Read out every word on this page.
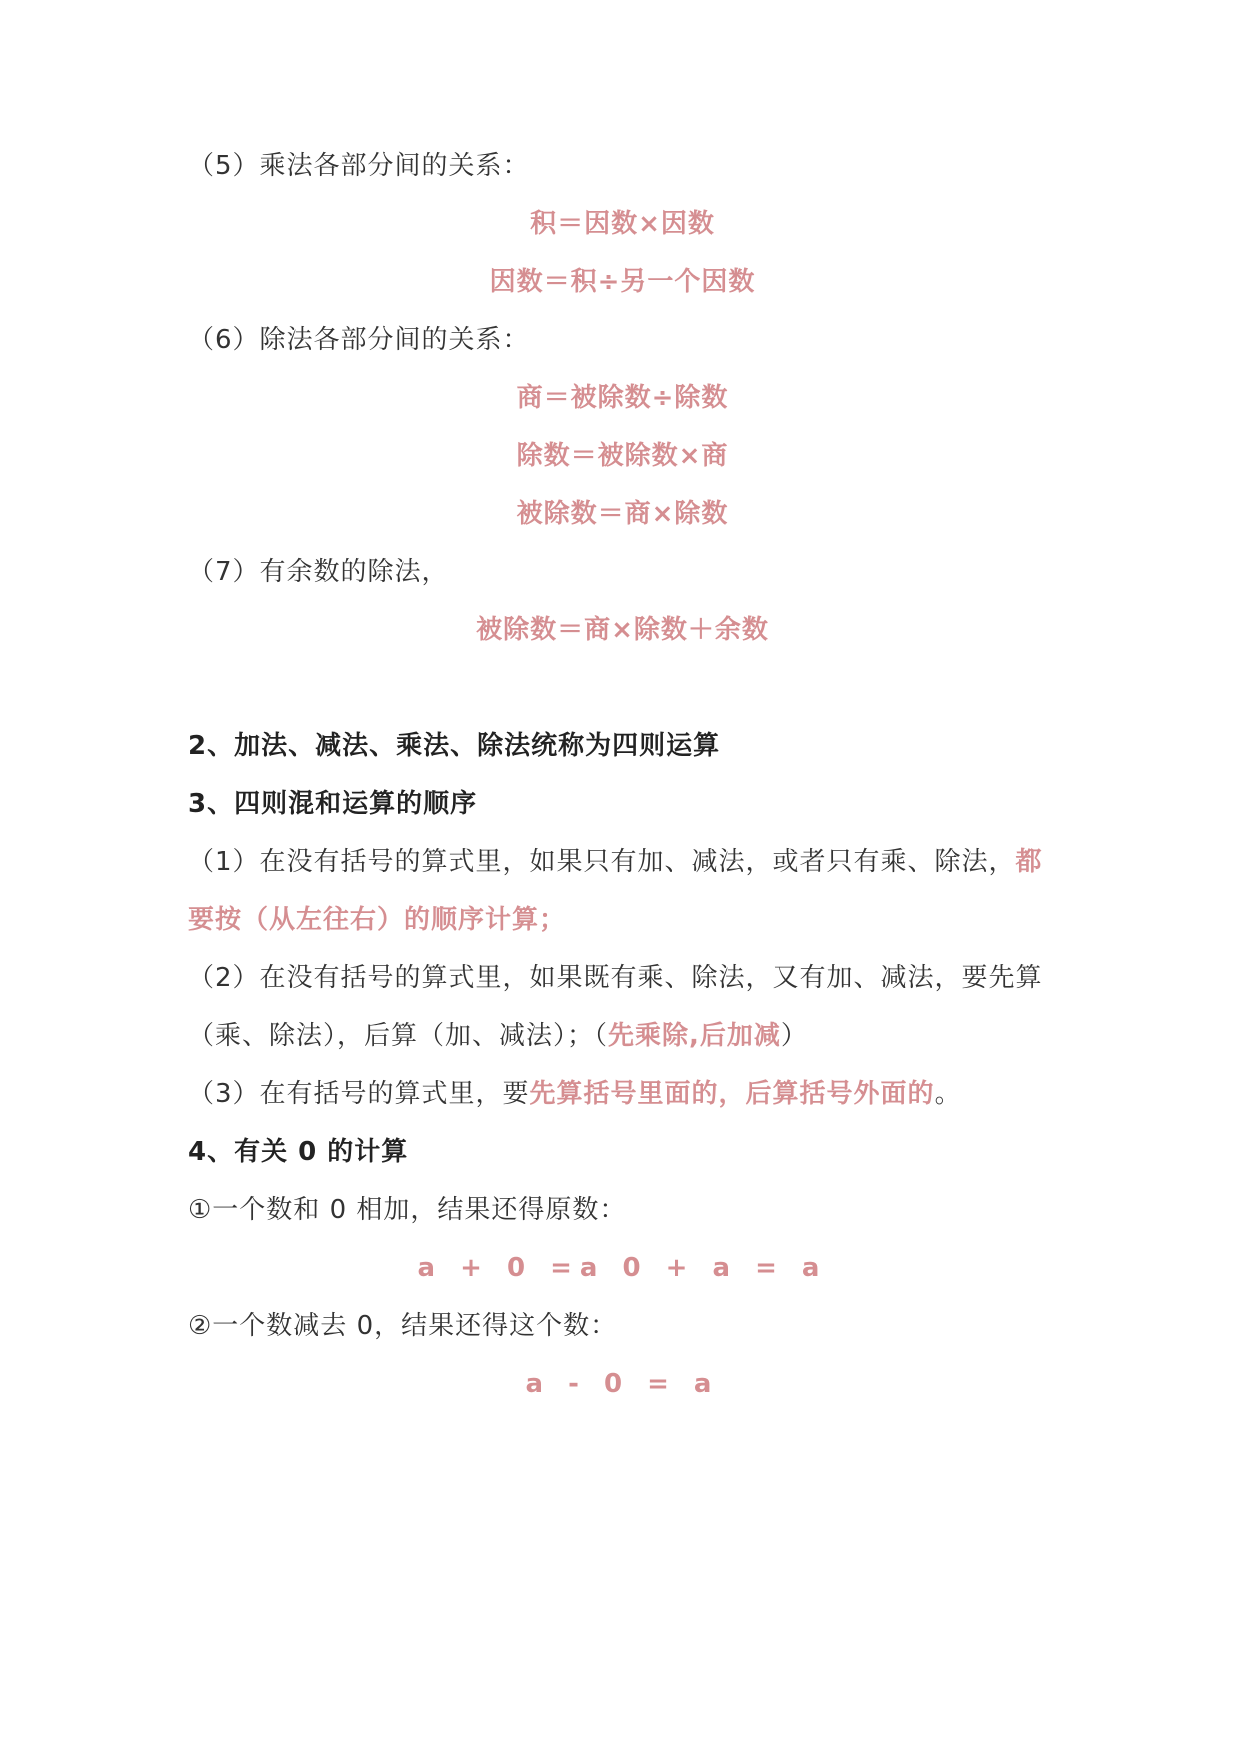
（5）乘法各部分间的关系：
积＝因数×因数
因数＝积÷另一个因数
（6）除法各部分间的关系：
商＝被除数÷除数
除数＝被除数×商
被除数＝商×除数
（7）有余数的除法，
被除数＝商×除数＋余数
2、加法、减法、乘法、除法统称为四则运算
3、四则混和运算的顺序
（1）在没有括号的算式里，如果只有加、减法，或者只有乘、除法，都
要按（从左往右）的顺序计算；
（2）在没有括号的算式里，如果既有乘、除法，又有加、减法，要先算
（乘、除法），后算（加、减法）；（先乘除,后加减）
（3）在有括号的算式里，要先算括号里面的，后算括号外面的。
4、有关 0 的计算
①一个数和 0 相加，结果还得原数：
a + 0 =a 0 + a = a
②一个数减去 0，结果还得这个数：
a - 0 = a
